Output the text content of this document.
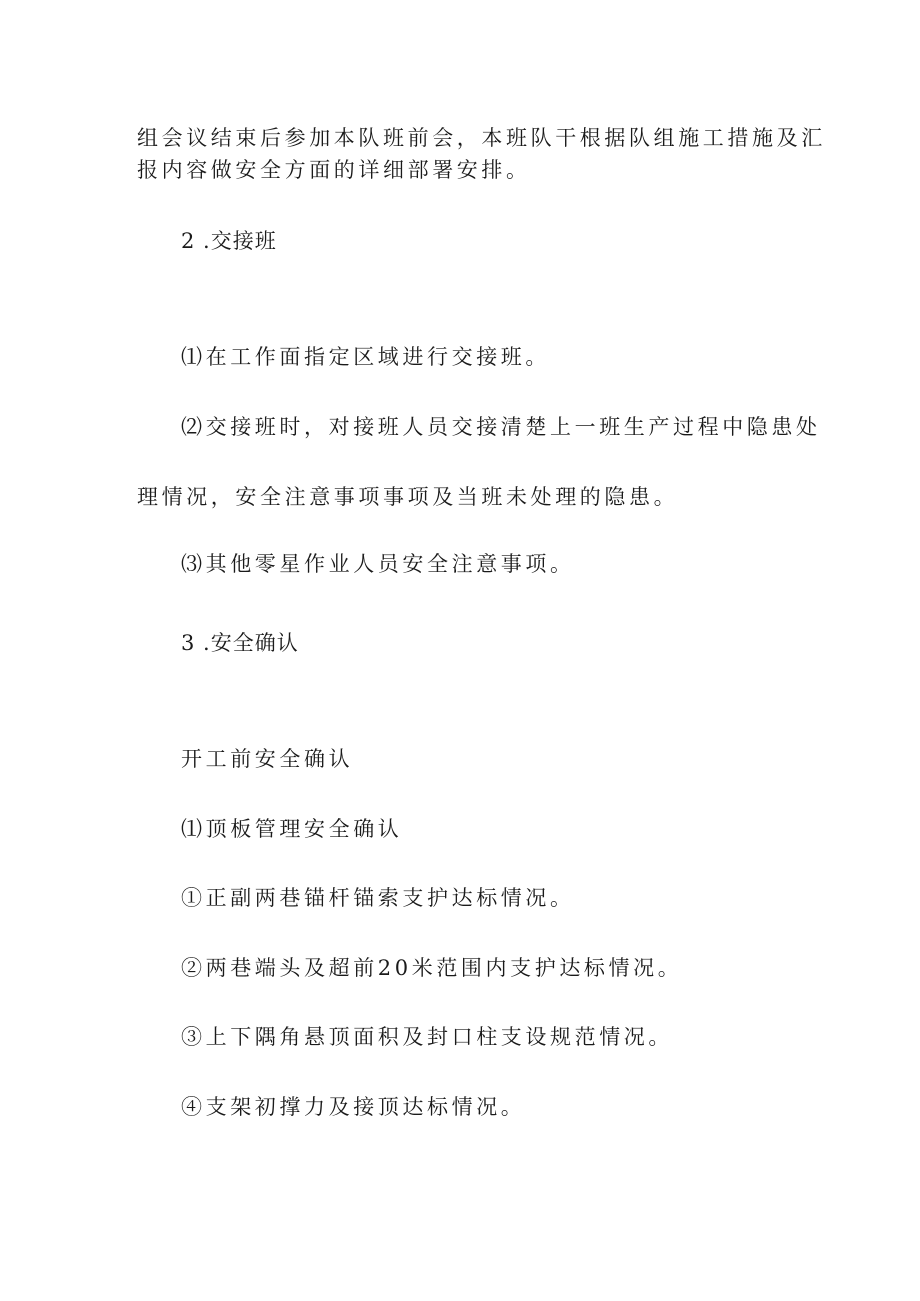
组会议结束后参加本队班前会，本班队干根据队组施工措施及汇
报内容做安全方面的详细部署安排。
2 .交接班
⑴在工作面指定区域进行交接班。
⑵交接班时，对接班人员交接清楚上一班生产过程中隐患处
理情况，安全注意事项事项及当班未处理的隐患。
⑶其他零星作业人员安全注意事项。
3 .安全确认
开工前安全确认
⑴顶板管理安全确认
①正副两巷锚杆锚索支护达标情况。
②两巷端头及超前20米范围内支护达标情况。
③上下隅角悬顶面积及封口柱支设规范情况。
④支架初撑力及接顶达标情况。
